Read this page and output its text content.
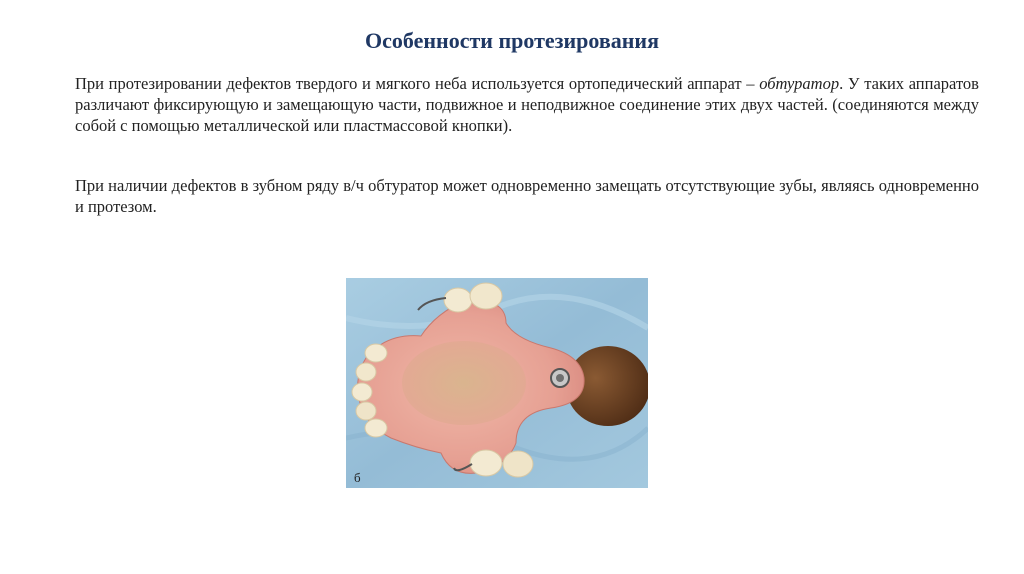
Особенности протезирования
При протезировании дефектов твердого и мягкого неба используется ортопедический аппарат – обтуратор. У таких аппаратов различают фиксирующую и замещающую части, подвижное и неподвижное соединение этих двух частей. (соединяются между собой с помощью металлической или пластмассовой кнопки).
При наличии дефектов в зубном ряду в/ч обтуратор может одновременно замещать отсутствующие зубы, являясь одновременно и протезом.
б
